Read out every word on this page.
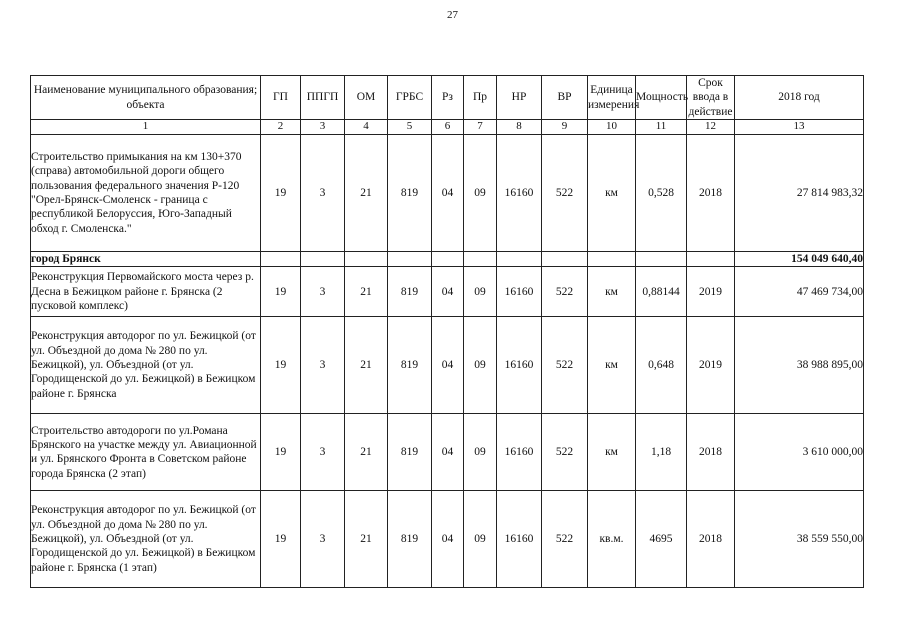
27
Наименование муниципального образования; объекта	ГП	ППГП	ОМ	ГРБС	Рз	Пр	НР	ВР	Единица измерения	Мощность	Срок ввода в действие	2018 год
1	2	3	4	5	6	7	8	9	10	11	12	13
Строительство примыкания на км 130+370 (справа) автомобильной дороги общего пользования федерального значения Р-120 "Орел-Брянск-Смоленск - граница с республикой Белоруссия, Юго-Западный обход г. Смоленска."	19	3	21	819	04	09	16160	522	км	0,528	2018	27 814 983,32
город Брянск												154 049 640,40
Реконструкция Первомайского моста через р. Десна в Бежицком районе г. Брянска (2 пусковой комплекс)	19	3	21	819	04	09	16160	522	км	0,88144	2019	47 469 734,00
Реконструкция автодорог по ул. Бежицкой (от ул. Объездной до дома № 280 по ул. Бежицкой), ул. Объездной (от ул. Городищенской до ул. Бежицкой) в Бежицком районе г. Брянска	19	3	21	819	04	09	16160	522	км	0,648	2019	38 988 895,00
Строительство автодороги по ул.Романа Брянского на участке между ул. Авиационной и ул. Брянского Фронта в Советском районе города Брянска (2 этап)	19	3	21	819	04	09	16160	522	км	1,18	2018	3 610 000,00
Реконструкция автодорог по ул. Бежицкой (от ул. Объездной до дома № 280 по ул. Бежицкой), ул. Объездной (от ул. Городищенской до ул. Бежицкой) в Бежицком районе г. Брянска (1 этап)	19	3	21	819	04	09	16160	522	кв.м.	4695	2018	38 559 550,00
